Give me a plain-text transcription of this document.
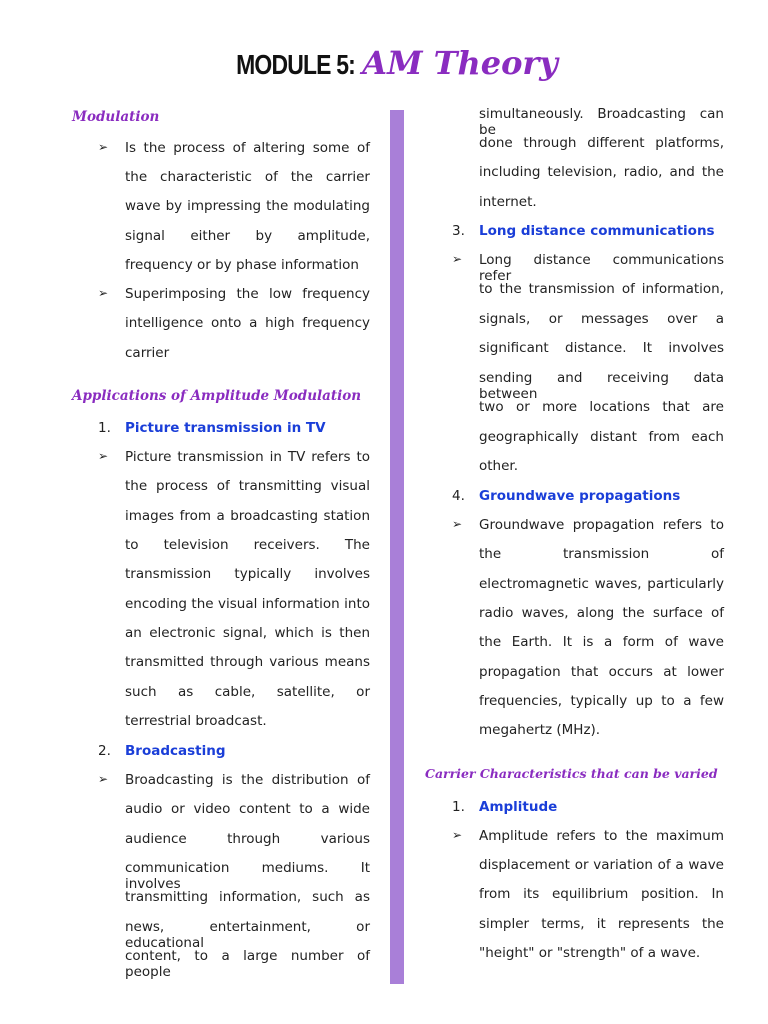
MODULE 5: AM Theory
Modulation
➢ Is the process of altering some of
the characteristic of the carrier
wave by impressing the modulating
signal either by amplitude,
frequency or by phase information
➢ Superimposing the low frequency
intelligence onto a high frequency
carrier
Applications of Amplitude Modulation
1. Picture transmission in TV
➢ Picture transmission in TV refers to
the process of transmitting visual
images from a broadcasting station
to television receivers. The
transmission typically involves
encoding the visual information into
an electronic signal, which is then
transmitted through various means
such as cable, satellite, or
terrestrial broadcast.
2. Broadcasting
➢ Broadcasting is the distribution of
audio or video content to a wide
audience through various
communication mediums. It involves
transmitting information, such as
news, entertainment, or educational
content, to a large number of people
simultaneously. Broadcasting can be
done through different platforms,
including television, radio, and the
internet.
3. Long distance communications
➢ Long distance communications refer
to the transmission of information,
signals, or messages over a
significant distance. It involves
sending and receiving data between
two or more locations that are
geographically distant from each
other.
4. Groundwave propagations
➢ Groundwave propagation refers to
the transmission of
electromagnetic waves, particularly
radio waves, along the surface of
the Earth. It is a form of wave
propagation that occurs at lower
frequencies, typically up to a few
megahertz (MHz).
Carrier Characteristics that can be varied
1. Amplitude
➢ Amplitude refers to the maximum
displacement or variation of a wave
from its equilibrium position. In
simpler terms, it represents the
"height" or "strength" of a wave.
